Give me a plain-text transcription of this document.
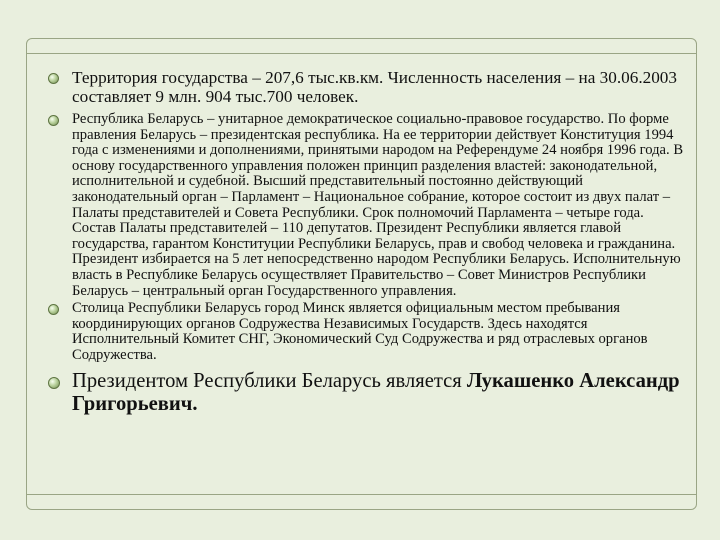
Территория государства – 207,6 тыс.кв.км. Численность населения – на 30.06.2003 составляет 9 млн. 904 тыс.700 человек.
Республика Беларусь – унитарное демократическое социально-правовое государство. По форме правления Беларусь – президентская республика. На ее территории действует Конституция 1994 года с изменениями и дополнениями, принятыми народом на Референдуме 24 ноября 1996 года. В основу государственного управления положен принцип разделения властей: законодательной, исполнительной и судебной. Высший представительный постоянно действующий законодательный орган – Парламент – Национальное собрание, которое состоит из двух палат – Палаты представителей и Совета Республики. Срок полномочий Парламента – четыре года. Состав Палаты представителей – 110 депутатов. Президент Республики является главой государства, гарантом Конституции Республики Беларусь, прав и свобод человека и гражданина. Президент избирается на 5 лет непосредственно народом Республики Беларусь. Исполнительную власть в Республике Беларусь осуществляет Правительство – Совет Министров Республики Беларусь – центральный орган Государственного управления.
Столица Республики Беларусь город Минск является официальным местом пребывания координирующих органов Содружества Независимых Государств. Здесь находятся Исполнительный Комитет СНГ, Экономический Суд Содружества и ряд отраслевых органов Содружества.
Президентом Республики Беларусь является Лукашенко Александр Григорьевич.
